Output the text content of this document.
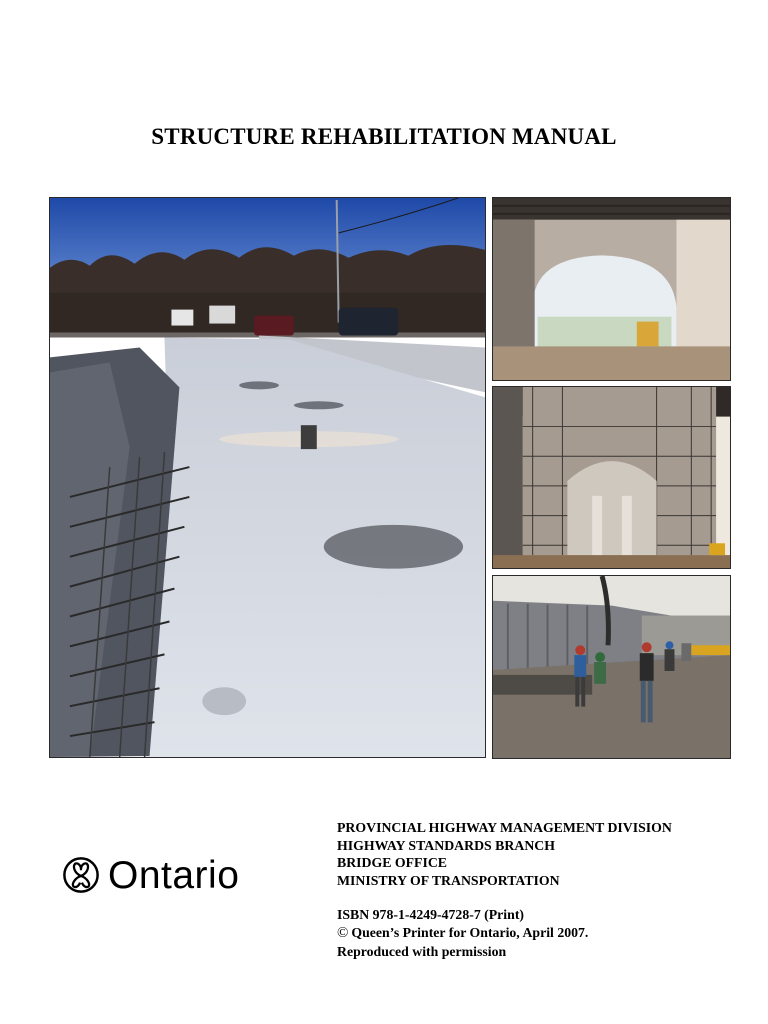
STRUCTURE REHABILITATION MANUAL
Ontario
PROVINCIAL HIGHWAY MANAGEMENT DIVISION
HIGHWAY STANDARDS BRANCH
BRIDGE OFFICE
MINISTRY OF TRANSPORTATION
ISBN 978-1-4249-4728-7 (Print)
© Queen’s Printer for Ontario, April 2007.
Reproduced with permission
